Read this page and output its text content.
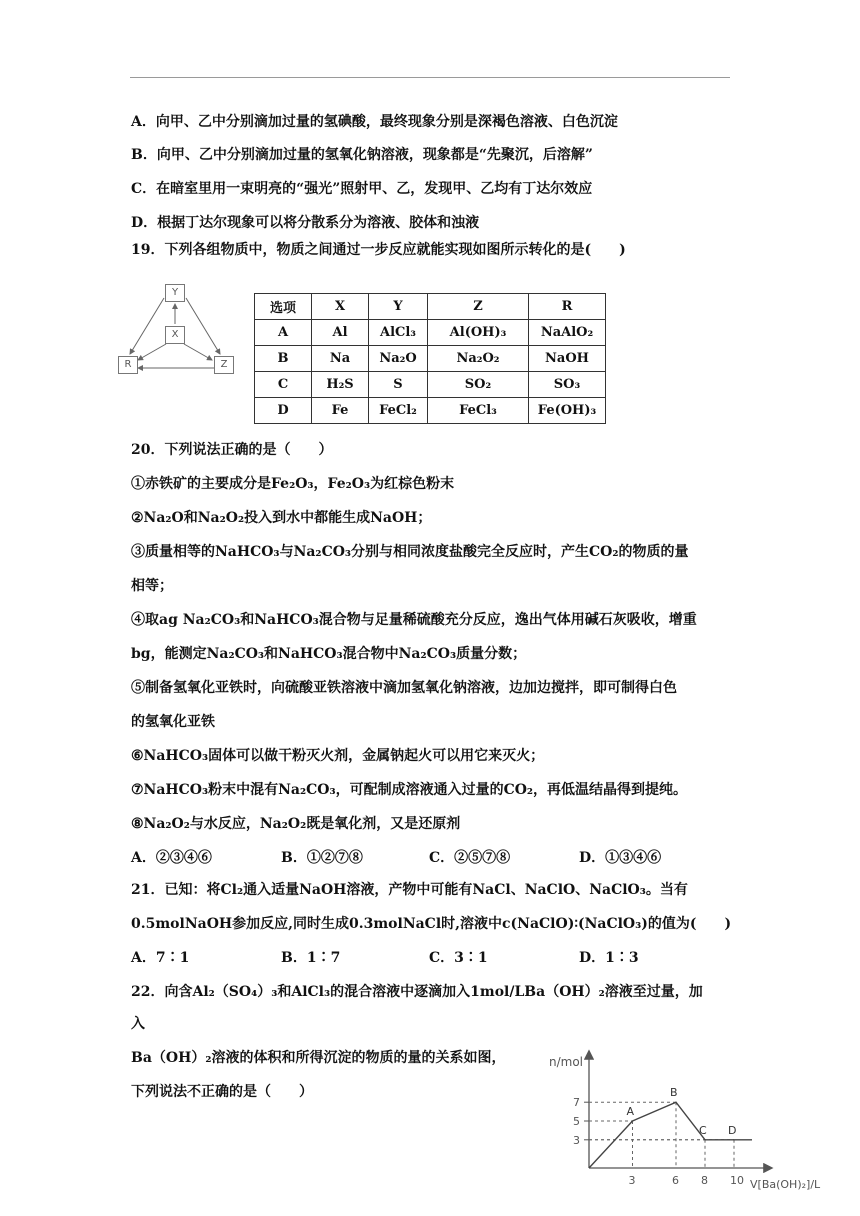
A．向甲、乙中分别滴加过量的氢碘酸，最终现象分别是深褐色溶液、白色沉淀
B．向甲、乙中分别滴加过量的氢氧化钠溶液，现象都是“先聚沉，后溶解”
C．在暗室里用一束明亮的“强光”照射甲、乙，发现甲、乙均有丁达尔效应
D．根据丁达尔现象可以将分散系分为溶液、胶体和浊液
19．下列各组物质中，物质之间通过一步反应就能实现如图所示转化的是(　　)
Y
X
R	Z
选项	X	Y	Z	R
A	Al	AlCl₃	Al(OH)₃	NaAlO₂
B	Na	Na₂O	Na₂O₂	NaOH
C	H₂S	S	SO₂	SO₃
D	Fe	FeCl₂	FeCl₃	Fe(OH)₃
20．下列说法正确的是（　　）
①赤铁矿的主要成分是Fe₂O₃，Fe₂O₃为红棕色粉末
②Na₂O和Na₂O₂投入到水中都能生成NaOH；
③质量相等的NaHCO₃与Na₂CO₃分别与相同浓度盐酸完全反应时，产生CO₂的物质的量
相等；
④取ag Na₂CO₃和NaHCO₃混合物与足量稀硫酸充分反应，逸出气体用碱石灰吸收，增重
bg，能测定Na₂CO₃和NaHCO₃混合物中Na₂CO₃质量分数；
⑤制备氢氧化亚铁时，向硫酸亚铁溶液中滴加氢氧化钠溶液，边加边搅拌，即可制得白色
的氢氧化亚铁
⑥NaHCO₃固体可以做干粉灭火剂，金属钠起火可以用它来灭火；
⑦NaHCO₃粉末中混有Na₂CO₃，可配制成溶液通入过量的CO₂，再低温结晶得到提纯。
⑧Na₂O₂与水反应，Na₂O₂既是氧化剂，又是还原剂
A．②③④⑥	B．①②⑦⑧	C．②⑤⑦⑧	D．①③④⑥
21．已知：将Cl₂通入适量NaOH溶液，产物中可能有NaCl、NaClO、NaClO₃。当有
0.5molNaOH参加反应,同时生成0.3molNaCl时,溶液中c(NaClO)∶(NaClO₃)的值为(　　)
A．7∶1	B．1∶7	C．3∶1	D．1∶3
22．向含Al₂（SO₄）₃和AlCl₃的混合溶液中逐滴加入1mol/LBa（OH）₂溶液至过量，加
入
Ba（OH）₂溶液的体积和所得沉淀的物质的量的关系如图，
下列说法不正确的是（　　）
n/mol
V[Ba(OH)₂]/L
3
5
7
3	6 8 10
A
B
C D
